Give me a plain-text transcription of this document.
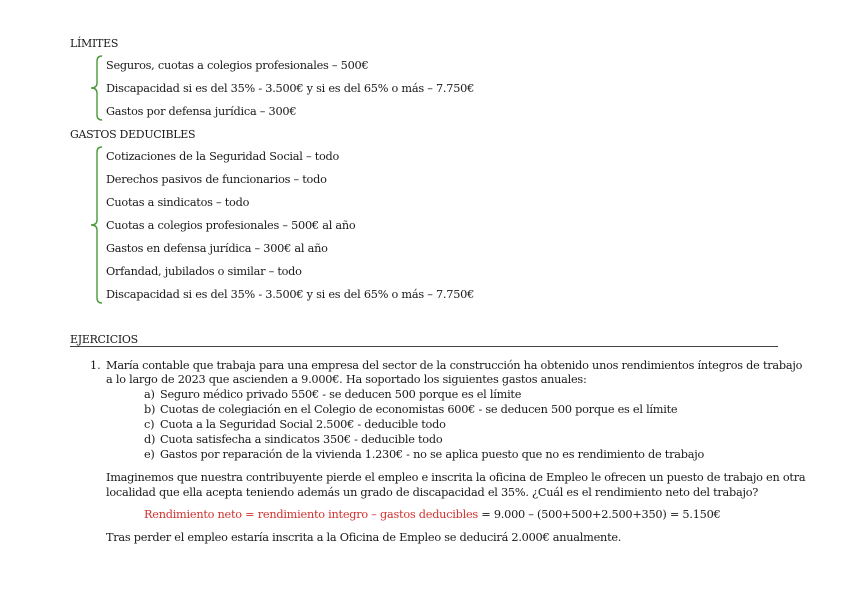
LÍMITES
Seguros, cuotas a colegios profesionales – 500€
Discapacidad si es del 35% - 3.500€ y si es del 65% o más – 7.750€
Gastos por defensa jurídica – 300€
GASTOS DEDUCIBLES
Cotizaciones de la Seguridad Social – todo
Derechos pasivos de funcionarios – todo
Cuotas a sindicatos – todo
Cuotas a colegios profesionales – 500€ al año
Gastos en defensa jurídica – 300€ al año
Orfandad, jubilados o similar – todo
Discapacidad si es del 35% - 3.500€ y si es del 65% o más – 7.750€
EJERCICIOS
1. María contable que trabaja para una empresa del sector de la construcción ha obtenido unos rendimientos íntegros de trabajo
a lo largo de 2023 que ascienden a 9.000€. Ha soportado los siguientes gastos anuales:
a) Seguro médico privado 550€ - se deducen 500 porque es el límite
b) Cuotas de colegiación en el Colegio de economistas 600€ - se deducen 500 porque es el límite
c) Cuota a la Seguridad Social 2.500€ - deducible todo
d) Cuota satisfecha a sindicatos 350€ - deducible todo
e) Gastos por reparación de la vivienda 1.230€ - no se aplica puesto que no es rendimiento de trabajo
Imaginemos que nuestra contribuyente pierde el empleo e inscrita la oficina de Empleo le ofrecen un puesto de trabajo en otra
localidad que ella acepta teniendo además un grado de discapacidad el 35%. ¿Cuál es el rendimiento neto del trabajo?
Rendimiento neto = rendimiento integro – gastos deducibles = 9.000 – (500+500+2.500+350) = 5.150€
Tras perder el empleo estaría inscrita a la Oficina de Empleo se deducirá 2.000€ anualmente.
